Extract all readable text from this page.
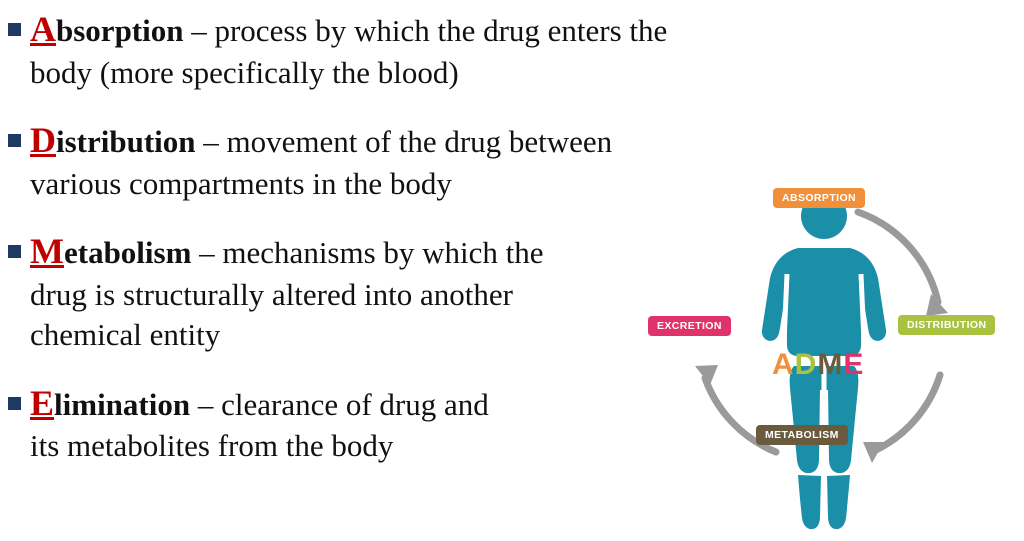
Absorption – process by which the drug enters the body (more specifically the blood)
Distribution – movement of the drug between various compartments in the body
Metabolism – mechanisms by which the drug is structurally altered into another chemical entity
Elimination – clearance of drug and its metabolites from the body
ABSORPTION
DISTRIBUTION
EXCRETION
METABOLISM
ADME
